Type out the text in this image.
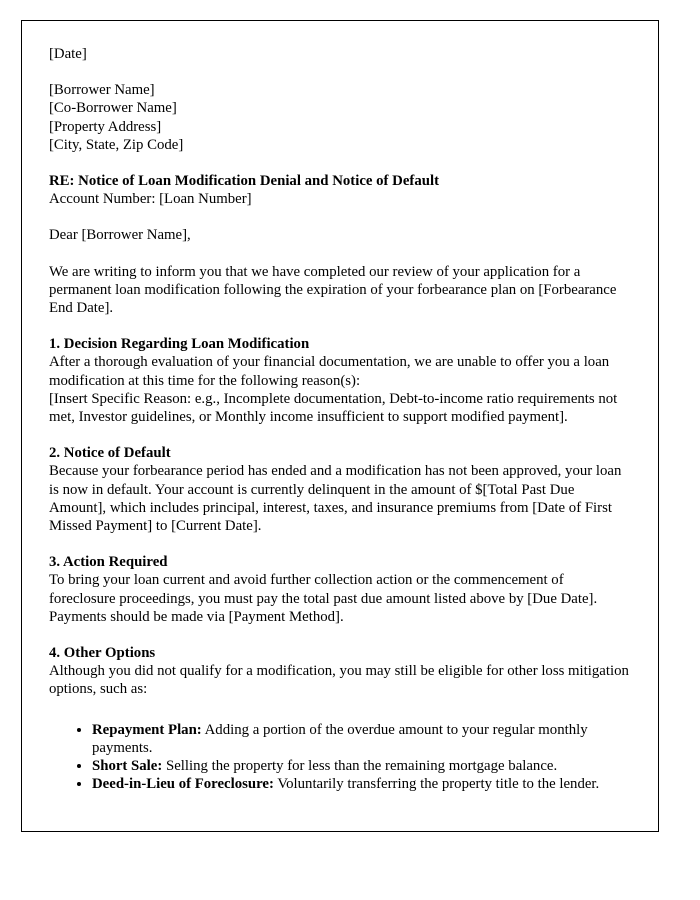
[Date]
[Borrower Name]
[Co-Borrower Name]
[Property Address]
[City, State, Zip Code]
RE: Notice of Loan Modification Denial and Notice of Default
Account Number: [Loan Number]
Dear [Borrower Name],
We are writing to inform you that we have completed our review of your application for a permanent loan modification following the expiration of your forbearance plan on [Forbearance End Date].
1. Decision Regarding Loan Modification
After a thorough evaluation of your financial documentation, we are unable to offer you a loan modification at this time for the following reason(s):
[Insert Specific Reason: e.g., Incomplete documentation, Debt-to-income ratio requirements not met, Investor guidelines, or Monthly income insufficient to support modified payment].
2. Notice of Default
Because your forbearance period has ended and a modification has not been approved, your loan is now in default. Your account is currently delinquent in the amount of $[Total Past Due Amount], which includes principal, interest, taxes, and insurance premiums from [Date of First Missed Payment] to [Current Date].
3. Action Required
To bring your loan current and avoid further collection action or the commencement of foreclosure proceedings, you must pay the total past due amount listed above by [Due Date]. Payments should be made via [Payment Method].
4. Other Options
Although you did not qualify for a modification, you may still be eligible for other loss mitigation options, such as:
• Repayment Plan: Adding a portion of the overdue amount to your regular monthly payments.
• Short Sale: Selling the property for less than the remaining mortgage balance.
• Deed-in-Lieu of Foreclosure: Voluntarily transferring the property title to the lender.
